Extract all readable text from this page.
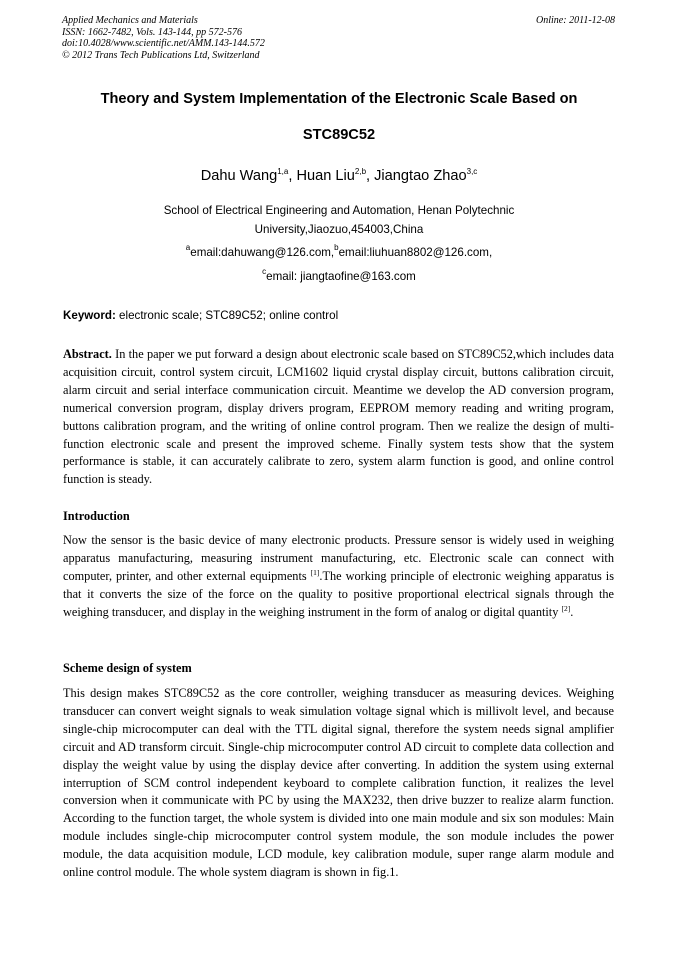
Applied Mechanics and Materials
ISSN: 1662-7482, Vols. 143-144, pp 572-576
doi:10.4028/www.scientific.net/AMM.143-144.572
© 2012 Trans Tech Publications Ltd, Switzerland
Online: 2011-12-08
Theory and System Implementation of the Electronic Scale Based on
STC89C52
Dahu Wang$^{1,a}$, Huan Liu$^{2,b}$, Jiangtao Zhao$^{3,c}$
School of Electrical Engineering and Automation, Henan Polytechnic
University,Jiaozuo,454003,China
$^a$email:dahuwang@126.com,$^b$email:liuhuan8802@126.com,
$^c$email: jiangtaofine@163.com
Keyword: electronic scale; STC89C52; online control
Abstract. In the paper we put forward a design about electronic scale based on STC89C52,which includes data acquisition circuit, control system circuit, LCM1602 liquid crystal display circuit, buttons calibration circuit, alarm circuit and serial interface communication circuit. Meantime we develop the AD conversion program, numerical conversion program, display drivers program, EEPROM memory reading and writing program, buttons calibration program, and the writing of online control program. Then we realize the design of multi-function electronic scale and present the improved scheme. Finally system tests show that the system performance is stable, it can accurately calibrate to zero, system alarm function is good, and online control function is steady.
Introduction
Now the sensor is the basic device of many electronic products. Pressure sensor is widely used in weighing apparatus manufacturing, measuring instrument manufacturing, etc. Electronic scale can connect with computer, printer, and other external equipments [1].The working principle of electronic weighing apparatus is that it converts the size of the force on the quality to positive proportional electrical signals through the weighing transducer, and display in the weighing instrument in the form of analog or digital quantity [2].
Scheme design of system
This design makes STC89C52 as the core controller, weighing transducer as measuring devices. Weighing transducer can convert weight signals to weak simulation voltage signal which is millivolt level, and because single-chip microcomputer can deal with the TTL digital signal, therefore the system needs signal amplifier circuit and AD transform circuit. Single-chip microcomputer control AD circuit to complete data collection and display the weight value by using the display device after converting. In addition the system using external interruption of SCM control independent keyboard to complete calibration function, it realizes the level conversion when it communicate with PC by using the MAX232, then drive buzzer to realize alarm function. According to the function target, the whole system is divided into one main module and six son modules: Main module includes single-chip microcomputer control system module, the son module includes the power module, the data acquisition module, LCD module, key calibration module, super range alarm module and online control module. The whole system diagram is shown in fig.1.
